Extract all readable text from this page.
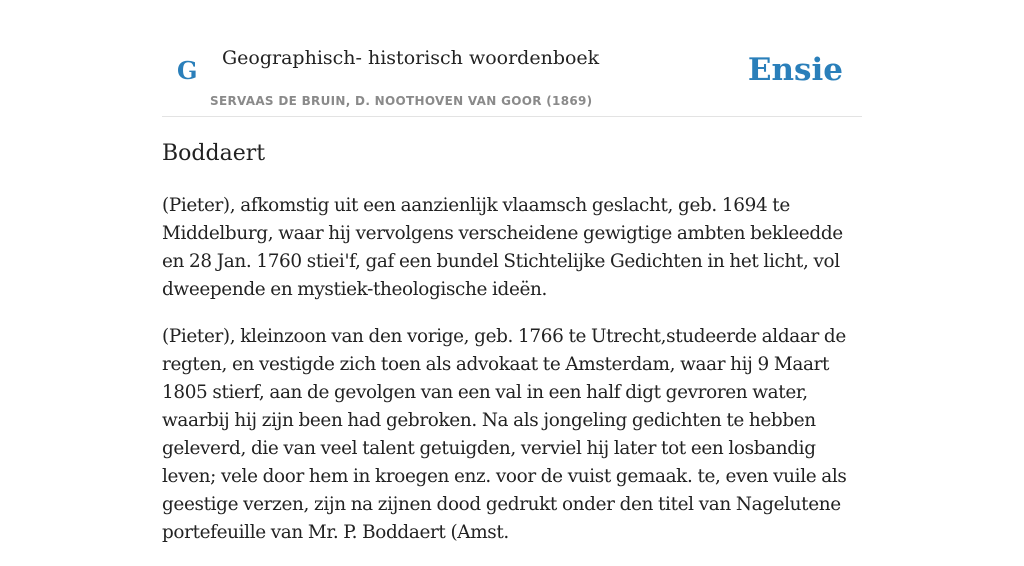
G Geographisch- historisch woordenboek
SERVAAS DE BRUIN, D. NOOTHOVEN VAN GOOR (1869)
Ensie
Boddaert

(Pieter), afkomstig uit een aanzienlijk vlaamsch geslacht, geb. 1694 te Middelburg, waar hij vervolgens verscheidene gewigtige ambten bekleedde en 28 Jan. 1760 stiei'f, gaf een bundel Stichtelijke Gedichten in het licht, vol dweepende en mystiek-theologische ideën.

(Pieter), kleinzoon van den vorige, geb. 1766 te Utrecht,studeerde aldaar de regten, en vestigde zich toen als advokaat te Amsterdam, waar hij 9 Maart 1805 stierf, aan de gevolgen van een val in een half digt gevroren water, waarbij hij zijn been had gebroken. Na als jongeling gedichten te hebben geleverd, die van veel talent getuigden, verviel hij later tot een losbandig leven; vele door hem in kroegen enz. voor de vuist gemaak. te, even vuile als geestige verzen, zijn na zijnen dood gedrukt onder den titel van Nagelutene portefeuille van Mr. P. Boddaert (Amst.
